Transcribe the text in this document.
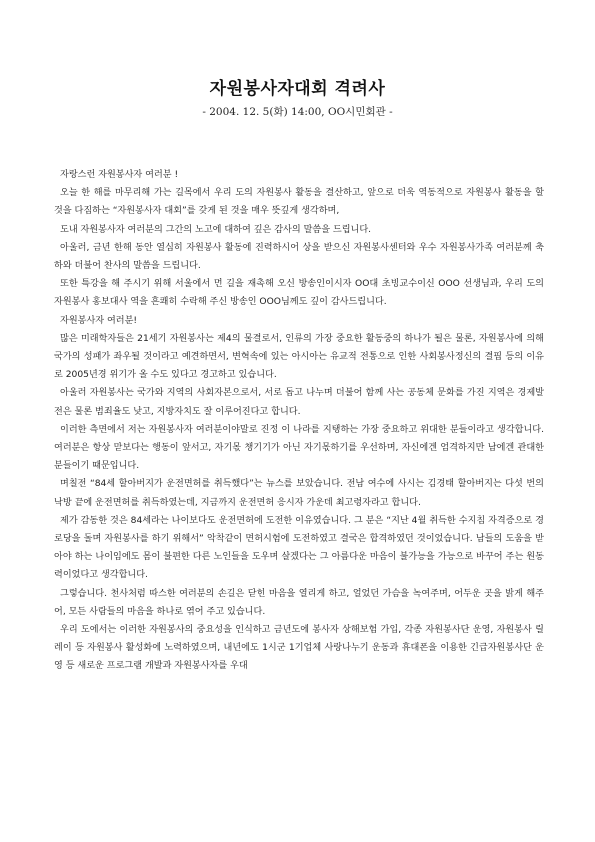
자원봉사자대회 격려사
- 2004. 12. 5(화) 14:00, OO시민회관 -

자랑스런 자원봉사자 여러분 !

오늘 한 해를 마무리해 가는 길목에서 우리 도의 자원봉사 활동을 결산하고, 앞으로 더욱 역동적으로 자원봉사 활동을 할 것을 다짐하는 “자원봉사자 대회”를 갖게 된 것을 매우 뜻깊게 생각하며,

도내 자원봉사자 여러분의 그간의 노고에 대하여 깊은 감사의 말씀을 드립니다.

아울러, 금년 한해 동안 열심히 자원봉사 활동에 진력하시어 상을 받으신 자원봉사센터와 우수 자원봉사가족 여러분께 축하와 더불어 찬사의 말씀을 드립니다.

또한 특강을 해 주시기 위해 서울에서 먼 길을 재촉해 오신 방송인이시자 OO대 초빙교수이신 OOO 선생님과, 우리 도의 자원봉사 홍보대사 역을 흔쾌히 수락해 주신 방송인 OOO님께도 깊이 감사드립니다.

자원봉사자 여러분!

많은 미래학자들은 21세기 자원봉사는 제4의 물결로서, 인류의 가장 중요한 활동중의 하나가 될은 물론, 자원봉사에 의해 국가의 성패가 좌우될 것이라고 예견하면서, 변혁속에 있는 아시아는 유교적 전통으로 인한 사회봉사정신의 결핍 등의 이유로 2005년경 위기가 올 수도 있다고 경고하고 있습니다.

아울러 자원봉사는 국가와 지역의 사회자본으로서, 서로 돕고 나누며 더불어 함께 사는 공동체 문화를 가진 지역은 경제발전은 물론 범죄율도 낮고, 지방자치도 잘 이루어진다고 합니다.

이러한 측면에서 저는 자원봉사자 여러분이야말로 진정 이 나라를 지탱하는 가장 중요하고 위대한 분들이라고 생각합니다. 여러분은 항상 맏보다는 행동이 앞서고, 자기몫 챙기기가 아닌 자기몫하기를 우선하며, 자신에겐 엄격하지만 남에겐 관대한 분들이기 때문입니다.

며칠전 “84세 할아버지가 운전면허를 취득했다”는 뉴스를 보았습니다. 전남 여수에 사시는 김경태 할아버지는 다섯 번의 낙방 끝에 운전면허를 취득하였는데, 지금까지 운전면허 응시자 가운데 최고령자라고 합니다.

제가 감동한 것은 84세라는 나이보다도 운전면허에 도전한 이유였습니다. 그 분은 “지난 4월 취득한 수지침 자격증으로 경로당을 돌며 자원봉사를 하기 위해서” 악착같이 면허시험에 도전하였고 결국은 합격하였던 것이었습니다. 남들의 도움을 받아야 하는 나이임에도 몸이 불편한 다른 노인들을 도우며 살겠다는 그 아름다운 마음이 불가능을 가능으로 바꾸어 주는 원동력이었다고 생각합니다.

그렇습니다. 천사처럼 따스한 여러분의 손길은 닫힌 마음을 열리게 하고, 얼었던 가슴을 녹여주며, 어두운 곳을 밝게 해주어, 모든 사람들의 마음을 하나로 엮어 주고 있습니다.

우리 도에서는 이러한 자원봉사의 중요성을 인식하고 금년도에 봉사자 상해보험 가입, 각종 자원봉사단 운영, 자원봉사 릴레이 등 자원봉사 활성화에 노력하였으며, 내년에도 1시군 1기업체 사랑나누기 운동과 휴대폰을 이용한 긴급자원봉사단 운영 등 새로운 프로그램 개발과 자원봉사자를 우대
